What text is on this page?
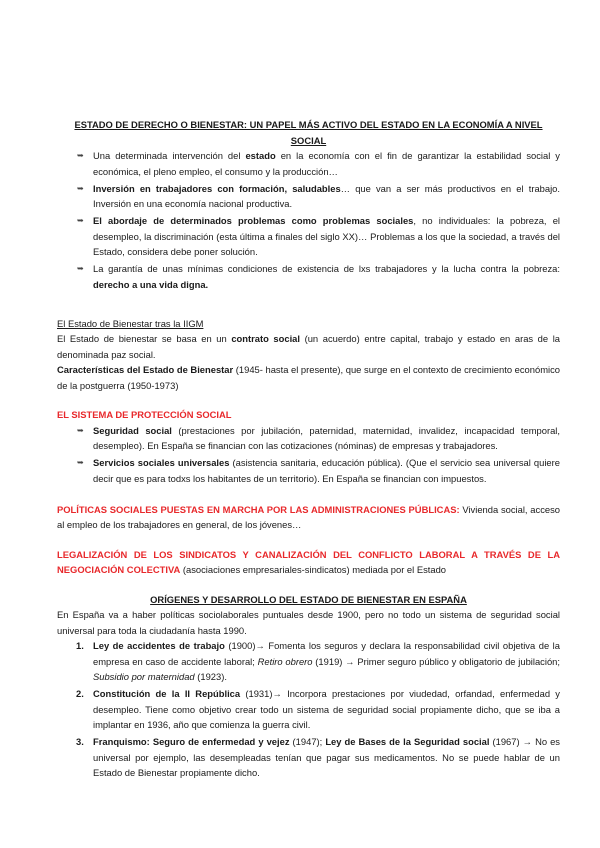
ESTADO DE DERECHO O BIENESTAR: UN PAPEL MÁS ACTIVO DEL ESTADO EN LA ECONOMÍA A NIVEL SOCIAL
➥ Una determinada intervención del estado en la economía con el fin de garantizar la estabilidad social y económica, el pleno empleo, el consumo y la producción…
➥ Inversión en trabajadores con formación, saludables… que van a ser más productivos en el trabajo. Inversión en una economía nacional productiva.
➥ El abordaje de determinados problemas como problemas sociales, no individuales: la pobreza, el desempleo, la discriminación (esta última a finales del siglo XX)… Problemas a los que la sociedad, a través del Estado, considera debe poner solución.
➥ La garantía de unas mínimas condiciones de existencia de lxs trabajadores y la lucha contra la pobreza: derecho a una vida digna.
El Estado de Bienestar tras la IIGM
El Estado de bienestar se basa en un contrato social (un acuerdo) entre capital, trabajo y estado en aras de la denominada paz social.
Características del Estado de Bienestar (1945- hasta el presente), que surge en el contexto de crecimiento económico de la postguerra (1950-1973)
EL SISTEMA DE PROTECCIÓN SOCIAL
➥ Seguridad social (prestaciones por jubilación, paternidad, maternidad, invalidez, incapacidad temporal, desempleo). En España se financian con las cotizaciones (nóminas) de empresas y trabajadores.
➥ Servicios sociales universales (asistencia sanitaria, educación pública). (Que el servicio sea universal quiere decir que es para todxs los habitantes de un territorio). En España se financian con impuestos.
POLÍTICAS SOCIALES PUESTAS EN MARCHA POR LAS ADMINISTRACIONES PÚBLICAS: Vivienda social, acceso al empleo de los trabajadores en general, de los jóvenes…
LEGALIZACIÓN DE LOS SINDICATOS Y CANALIZACIÓN DEL CONFLICTO LABORAL A TRAVÉS DE LA NEGOCIACIÓN COLECTIVA (asociaciones empresariales-sindicatos) mediada por el Estado
ORÍGENES Y DESARROLLO DEL ESTADO DE BIENESTAR EN ESPAÑA
En España va a haber políticas sociolaborales puntuales desde 1900, pero no todo un sistema de seguridad social universal para toda la ciudadanía hasta 1990.
1. Ley de accidentes de trabajo (1900)→ Fomenta los seguros y declara la responsabilidad civil objetiva de la empresa en caso de accidente laboral; Retiro obrero (1919) → Primer seguro público y obligatorio de jubilación; Subsidio por maternidad (1923).
2. Constitución de la II República (1931)→ Incorpora prestaciones por viudedad, orfandad, enfermedad y desempleo. Tiene como objetivo crear todo un sistema de seguridad social propiamente dicho, que se iba a implantar en 1936, año que comienza la guerra civil.
3. Franquismo: Seguro de enfermedad y vejez (1947); Ley de Bases de la Seguridad social (1967) → No es universal por ejemplo, las desempleadas tenían que pagar sus medicamentos. No se puede hablar de un Estado de Bienestar propiamente dicho.
